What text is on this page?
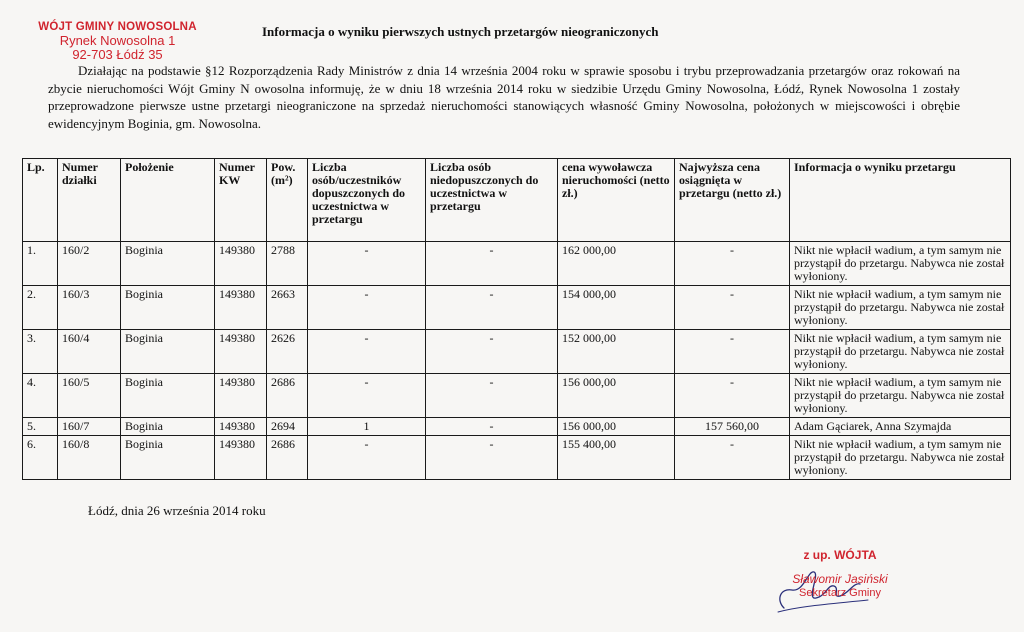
WÓJT GMINY NOWOSOLNA
Rynek Nowosolna 1
92-703 Łódź 35
Informacja o wyniku pierwszych ustnych przetargów nieograniczonych

Działając na podstawie §12 Rozporządzenia Rady Ministrów z dnia 14 września 2004 roku w sprawie sposobu i trybu przeprowadzania przetargów oraz rokowań na zbycie nieruchomości Wójt Gminy N owosolna informuję, że w dniu 18 września 2014 roku w siedzibie Urzędu Gminy Nowosolna, Łódź, Rynek Nowosolna 1 zostały przeprowadzone pierwsze ustne przetargi nieograniczone na sprzedaż nieruchomości stanowiących własność Gminy Nowosolna, położonych w miejscowości i obrębie ewidencyjnym Boginia, gm. Nowosolna.

Lp.	Numer działki	Położenie	Numer KW	Pow. (m²)	Liczba osób/uczestników dopuszczonych do uczestnictwa w przetargu	Liczba osób niedopuszczonych do uczestnictwa w przetargu	cena wywoławcza nieruchomości (netto zł.)	Najwyższa cena osiągnięta w przetargu (netto zł.)	Informacja o wyniku przetargu
1.	160/2	Boginia	149380	2788	-	-	162 000,00	-	Nikt nie wpłacił wadium, a tym samym nie przystąpił do przetargu. Nabywca nie został wyłoniony.
2.	160/3	Boginia	149380	2663	-	-	154 000,00	-	Nikt nie wpłacił wadium, a tym samym nie przystąpił do przetargu. Nabywca nie został wyłoniony.
3.	160/4	Boginia	149380	2626	-	-	152 000,00	-	Nikt nie wpłacił wadium, a tym samym nie przystąpił do przetargu. Nabywca nie został wyłoniony.
4.	160/5	Boginia	149380	2686	-	-	156 000,00	-	Nikt nie wpłacił wadium, a tym samym nie przystąpił do przetargu. Nabywca nie został wyłoniony.
5.	160/7	Boginia	149380	2694	1	-	156 000,00	157 560,00	Adam Gąciarek, Anna Szymajda
6.	160/8	Boginia	149380	2686	-	-	155 400,00	-	Nikt nie wpłacił wadium, a tym samym nie przystąpił do przetargu. Nabywca nie został wyłoniony.
Łódź, dnia 26 września 2014 roku
z up. WÓJTA
Sławomir Jasiński
Sekretarz Gminy
